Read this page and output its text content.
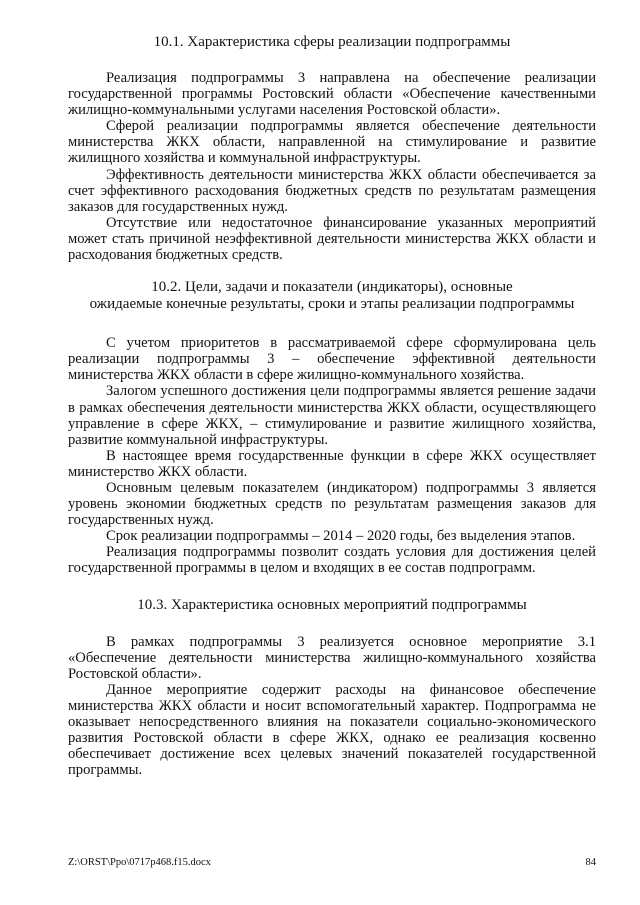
10.1. Характеристика сферы реализации подпрограммы

Реализация подпрограммы 3 направлена на обеспечение реализации государственной программы Ростовский области «Обеспечение качественными жилищно-коммунальными услугами населения Ростовской области».

Сферой реализации подпрограммы является обеспечение деятельности министерства ЖКХ области, направленной на стимулирование и развитие жилищного хозяйства и коммунальной инфраструктуры.

Эффективность деятельности министерства ЖКХ области обеспечивается за счет эффективного расходования бюджетных средств по результатам размещения заказов для государственных нужд.

Отсутствие или недостаточное финансирование указанных мероприятий может стать причиной неэффективной деятельности министерства ЖКХ области и расходования бюджетных средств.

10.2. Цели, задачи и показатели (индикаторы), основные
ожидаемые конечные результаты, сроки и этапы реализации подпрограммы

С учетом приоритетов в рассматриваемой сфере сформулирована цель реализации подпрограммы 3 – обеспечение эффективной деятельности министерства ЖКХ области в сфере жилищно-коммунального хозяйства.

Залогом успешного достижения цели подпрограммы является решение задачи в рамках обеспечения деятельности министерства ЖКХ области, осуществляющего управление в сфере ЖКХ, – стимулирование и развитие жилищного хозяйства, развитие коммунальной инфраструктуры.

В настоящее время государственные функции в сфере ЖКХ осуществляет министерство ЖКХ области.

Основным целевым показателем (индикатором) подпрограммы 3 является уровень экономии бюджетных средств по результатам размещения заказов для государственных нужд.

Срок реализации подпрограммы – 2014 – 2020 годы, без выделения этапов.

Реализация подпрограммы позволит создать условия для достижения целей государственной программы в целом и входящих в ее состав подпрограмм.

10.3. Характеристика основных мероприятий подпрограммы

В рамках подпрограммы 3 реализуется основное мероприятие 3.1 «Обеспечение деятельности министерства жилищно-коммунального хозяйства Ростовской области».

Данное мероприятие содержит расходы на финансовое обеспечение министерства ЖКХ области и носит вспомогательный характер. Подпрограмма не оказывает непосредственного влияния на показатели социально-экономического развития Ростовской области в сфере ЖКХ, однако ее реализация косвенно обеспечивает достижение всех целевых значений показателей государственной программы.

Z:\ORST\Ppo\0717p468.f15.docx	84
